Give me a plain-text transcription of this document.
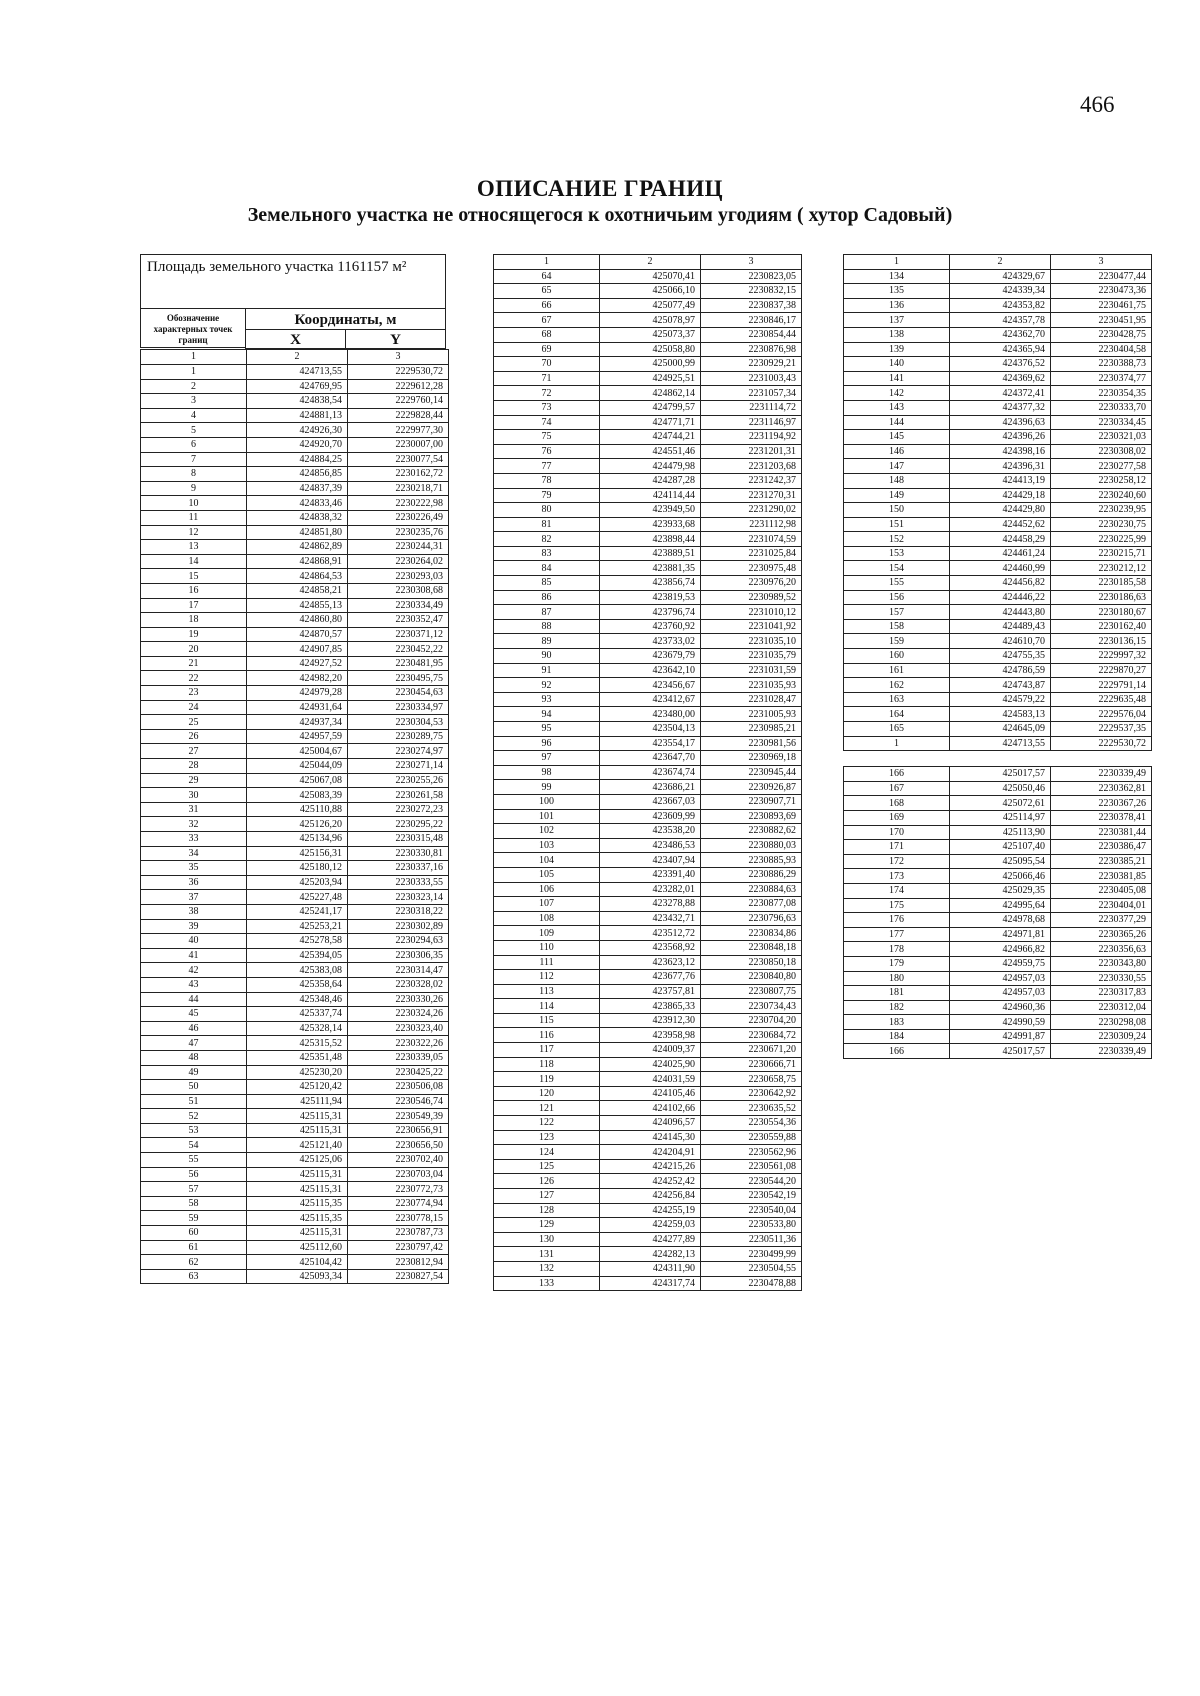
466
ОПИСАНИЕ ГРАНИЦ
Земельного участка не относящегося к охотничьим угодиям ( хутор Садовый)
Площадь земельного участка 1161157 м²
Обозначение характерных точек границ
Координаты, м
X	Y
1	2	3
1	424713,55	2229530,72
2	424769,95	2229612,28
3	424838,54	2229760,14
4	424881,13	2229828,44
5	424926,30	2229977,30
6	424920,70	2230007,00
7	424884,25	2230077,54
8	424856,85	2230162,72
9	424837,39	2230218,71
10	424833,46	2230222,98
11	424838,32	2230226,49
12	424851,80	2230235,76
13	424862,89	2230244,31
14	424868,91	2230264,02
15	424864,53	2230293,03
16	424858,21	2230308,68
17	424855,13	2230334,49
18	424860,80	2230352,47
19	424870,57	2230371,12
20	424907,85	2230452,22
21	424927,52	2230481,95
22	424982,20	2230495,75
23	424979,28	2230454,63
24	424931,64	2230334,97
25	424937,34	2230304,53
26	424957,59	2230289,75
27	425004,67	2230274,97
28	425044,09	2230271,14
29	425067,08	2230255,26
30	425083,39	2230261,58
31	425110,88	2230272,23
32	425126,20	2230295,22
33	425134,96	2230315,48
34	425156,31	2230330,81
35	425180,12	2230337,16
36	425203,94	2230333,55
37	425227,48	2230323,14
38	425241,17	2230318,22
39	425253,21	2230302,89
40	425278,58	2230294,63
41	425394,05	2230306,35
42	425383,08	2230314,47
43	425358,64	2230328,02
44	425348,46	2230330,26
45	425337,74	2230324,26
46	425328,14	2230323,40
47	425315,52	2230322,26
48	425351,48	2230339,05
49	425230,20	2230425,22
50	425120,42	2230506,08
51	425111,94	2230546,74
52	425115,31	2230549,39
53	425115,31	2230656,91
54	425121,40	2230656,50
55	425125,06	2230702,40
56	425115,31	2230703,04
57	425115,31	2230772,73
58	425115,35	2230774,94
59	425115,35	2230778,15
60	425115,31	2230787,73
61	425112,60	2230797,42
62	425104,42	2230812,94
63	425093,34	2230827,54
1	2	3
64	425070,41	2230823,05
65	425066,10	2230832,15
66	425077,49	2230837,38
67	425078,97	2230846,17
68	425073,37	2230854,44
69	425058,80	2230876,98
70	425000,99	2230929,21
71	424925,51	2231003,43
72	424862,14	2231057,34
73	424799,57	2231114,72
74	424771,71	2231146,97
75	424744,21	2231194,92
76	424551,46	2231201,31
77	424479,98	2231203,68
78	424287,28	2231242,37
79	424114,44	2231270,31
80	423949,50	2231290,02
81	423933,68	2231112,98
82	423898,44	2231074,59
83	423889,51	2231025,84
84	423881,35	2230975,48
85	423856,74	2230976,20
86	423819,53	2230989,52
87	423796,74	2231010,12
88	423760,92	2231041,92
89	423733,02	2231035,10
90	423679,79	2231035,79
91	423642,10	2231031,59
92	423456,67	2231035,93
93	423412,67	2231028,47
94	423480,00	2231005,93
95	423504,13	2230985,21
96	423554,17	2230981,56
97	423647,70	2230969,18
98	423674,74	2230945,44
99	423686,21	2230926,87
100	423667,03	2230907,71
101	423609,99	2230893,69
102	423538,20	2230882,62
103	423486,53	2230880,03
104	423407,94	2230885,93
105	423391,40	2230886,29
106	423282,01	2230884,63
107	423278,88	2230877,08
108	423432,71	2230796,63
109	423512,72	2230834,86
110	423568,92	2230848,18
111	423623,12	2230850,18
112	423677,76	2230840,80
113	423757,81	2230807,75
114	423865,33	2230734,43
115	423912,30	2230704,20
116	423958,98	2230684,72
117	424009,37	2230671,20
118	424025,90	2230666,71
119	424031,59	2230658,75
120	424105,46	2230642,92
121	424102,66	2230635,52
122	424096,57	2230554,36
123	424145,30	2230559,88
124	424204,91	2230562,96
125	424215,26	2230561,08
126	424252,42	2230544,20
127	424256,84	2230542,19
128	424255,19	2230540,04
129	424259,03	2230533,80
130	424277,89	2230511,36
131	424282,13	2230499,99
132	424311,90	2230504,55
133	424317,74	2230478,88
1	2	3
134	424329,67	2230477,44
135	424339,34	2230473,36
136	424353,82	2230461,75
137	424357,78	2230451,95
138	424362,70	2230428,75
139	424365,94	2230404,58
140	424376,52	2230388,73
141	424369,62	2230374,77
142	424372,41	2230354,35
143	424377,32	2230333,70
144	424396,63	2230334,45
145	424396,26	2230321,03
146	424398,16	2230308,02
147	424396,31	2230277,58
148	424413,19	2230258,12
149	424429,18	2230240,60
150	424429,80	2230239,95
151	424452,62	2230230,75
152	424458,29	2230225,99
153	424461,24	2230215,71
154	424460,99	2230212,12
155	424456,82	2230185,58
156	424446,22	2230186,63
157	424443,80	2230180,67
158	424489,43	2230162,40
159	424610,70	2230136,15
160	424755,35	2229997,32
161	424786,59	2229870,27
162	424743,87	2229791,14
163	424579,22	2229635,48
164	424583,13	2229576,04
165	424645,09	2229537,35
1	424713,55	2229530,72

166	425017,57	2230339,49
167	425050,46	2230362,81
168	425072,61	2230367,26
169	425114,97	2230378,41
170	425113,90	2230381,44
171	425107,40	2230386,47
172	425095,54	2230385,21
173	425066,46	2230381,85
174	425029,35	2230405,08
175	424995,64	2230404,01
176	424978,68	2230377,29
177	424971,81	2230365,26
178	424966,82	2230356,63
179	424959,75	2230343,80
180	424957,03	2230330,55
181	424957,03	2230317,83
182	424960,36	2230312,04
183	424990,59	2230298,08
184	424991,87	2230309,24
166	425017,57	2230339,49
